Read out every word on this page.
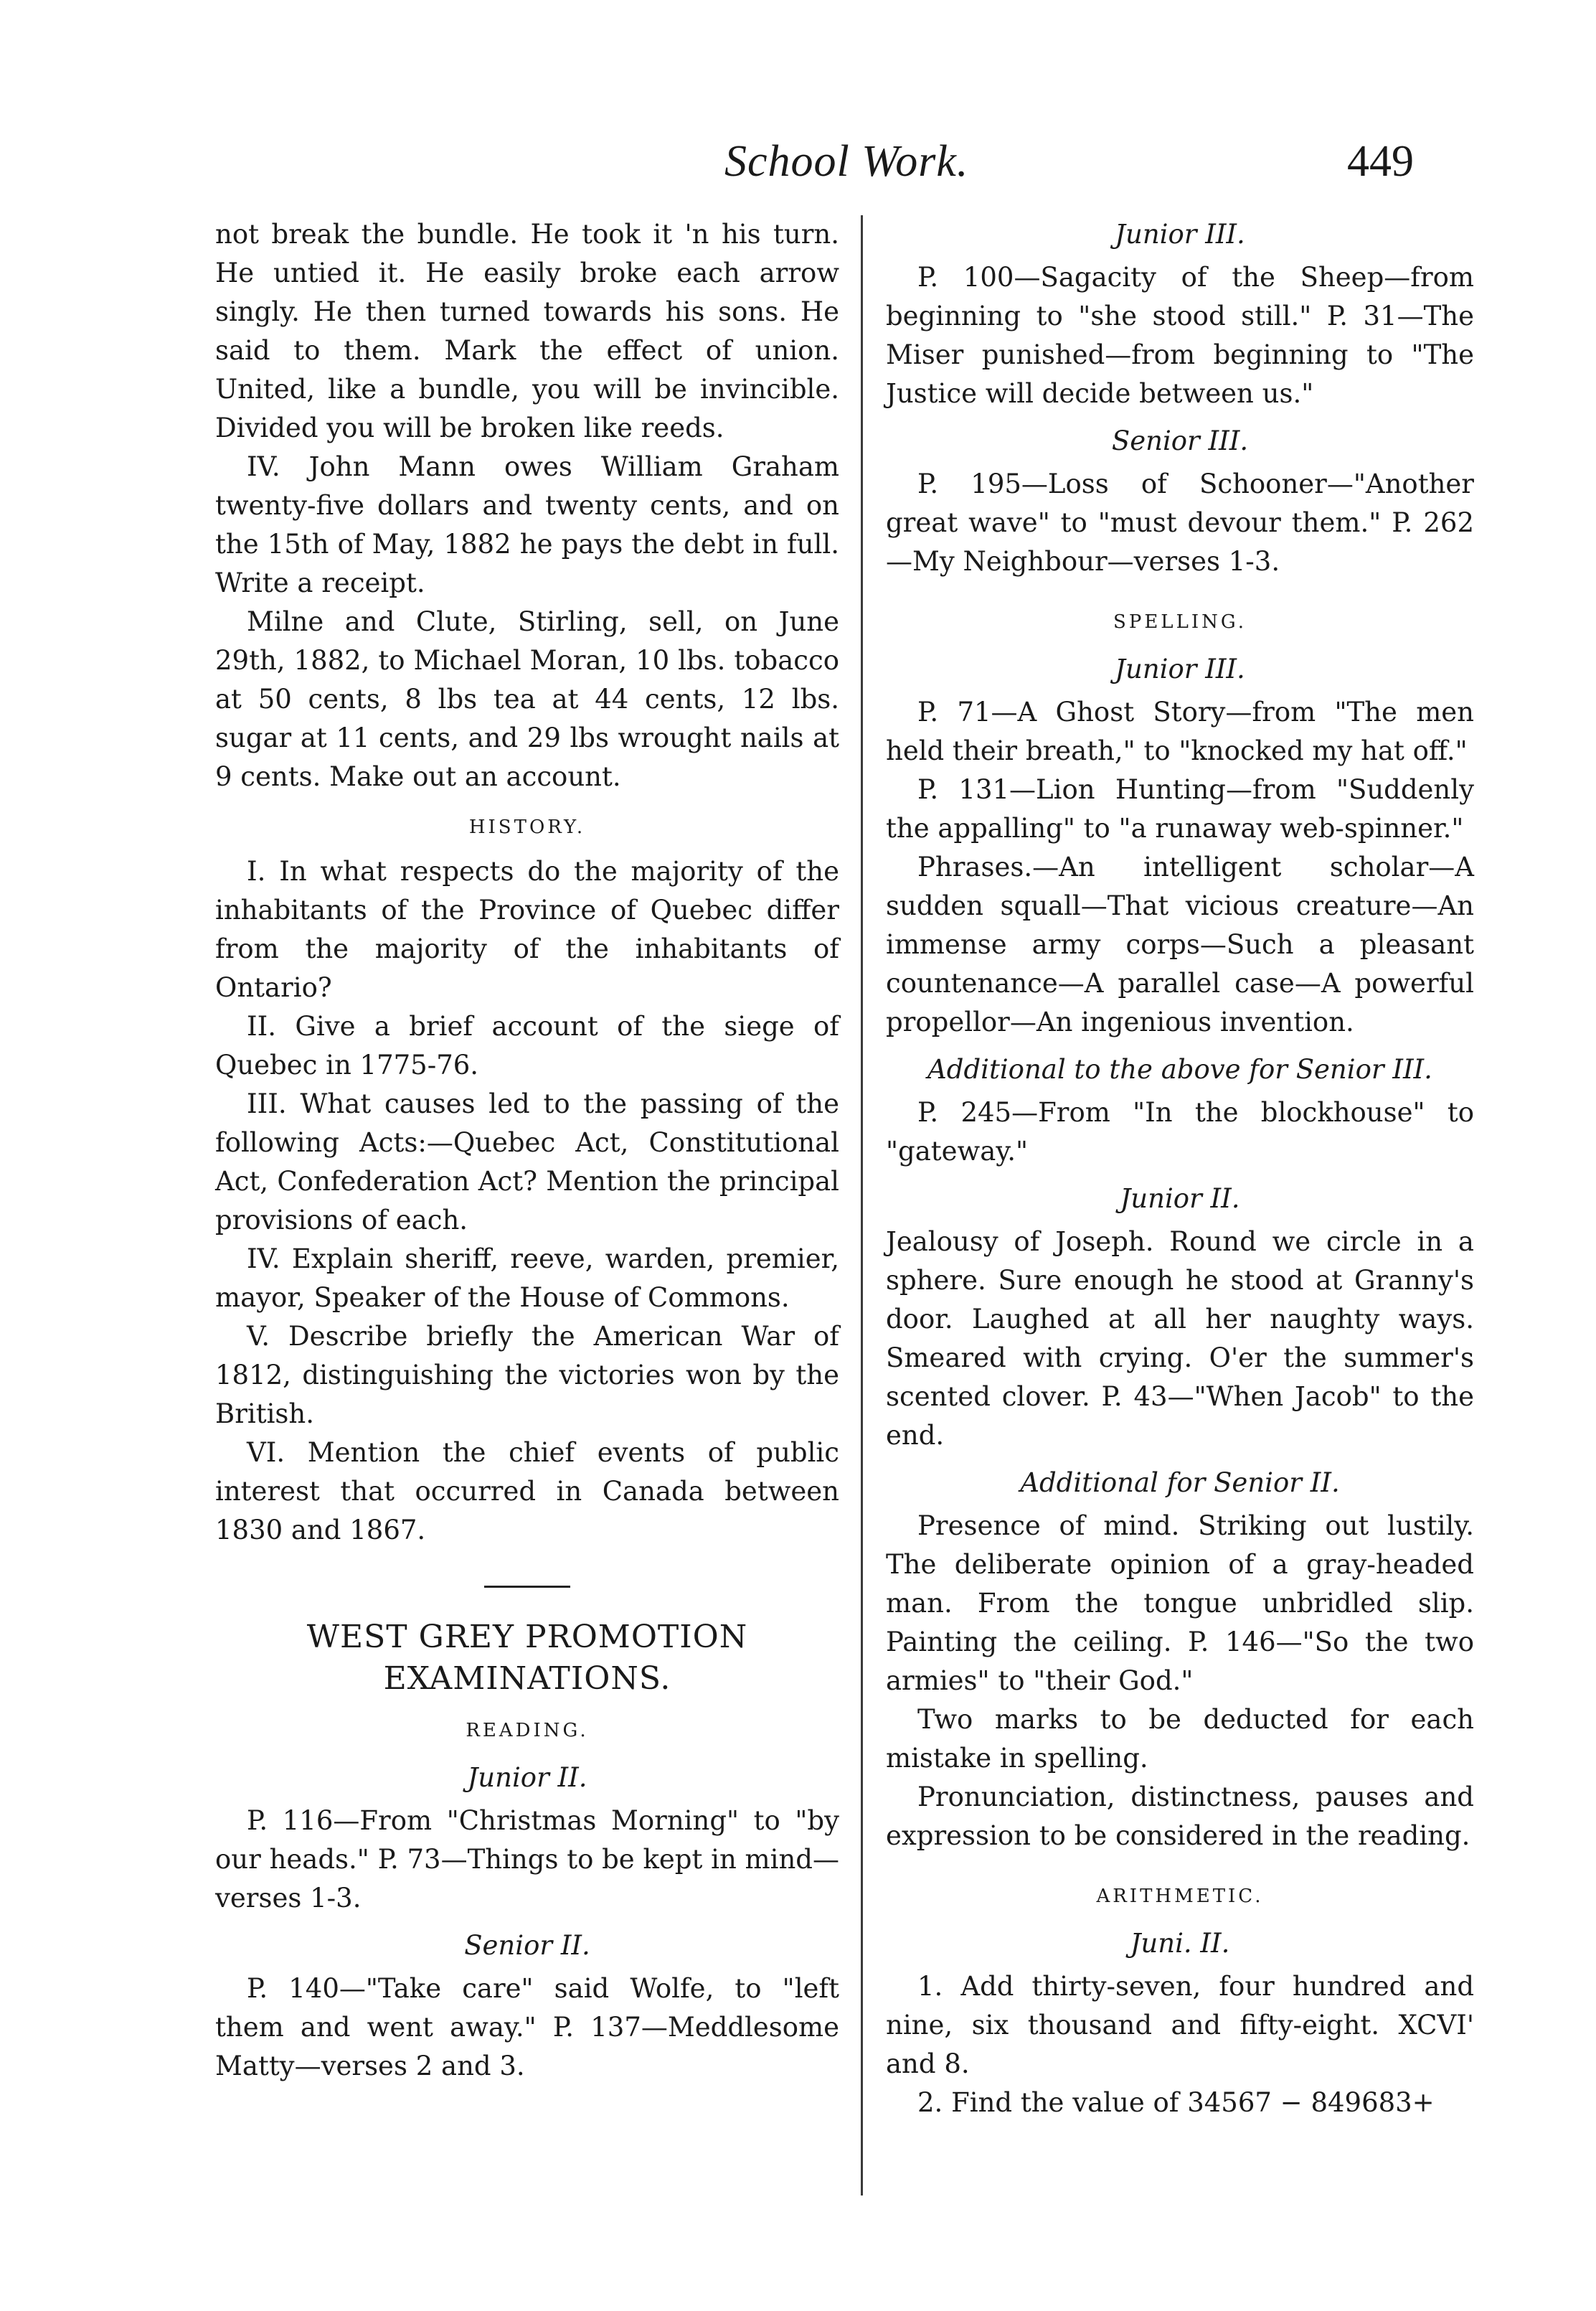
School Work.	449

not break the bundle. He took it 'n his turn. He untied it. He easily broke each arrow singly. He then turned towards his sons. He said to them. Mark the effect of union. United, like a bundle, you will be invincible. Divided you will be broken like reeds.

IV. John Mann owes William Graham twenty-five dollars and twenty cents, and on the 15th of May, 1882 he pays the debt in full. Write a receipt.

Milne and Clute, Stirling, sell, on June 29th, 1882, to Michael Moran, 10 lbs. tobacco at 50 cents, 8 lbs tea at 44 cents, 12 lbs. sugar at 11 cents, and 29 lbs wrought nails at 9 cents. Make out an account.

HISTORY.

I. In what respects do the majority of the inhabitants of the Province of Quebec differ from the majority of the inhabitants of Ontario?

II. Give a brief account of the siege of Quebec in 1775-76.

III. What causes led to the passing of the following Acts:—Quebec Act, Constitutional Act, Confederation Act? Mention the principal provisions of each.

IV. Explain sheriff, reeve, warden, premier, mayor, Speaker of the House of Commons.

V. Describe briefly the American War of 1812, distinguishing the victories won by the British.

VI. Mention the chief events of public interest that occurred in Canada between 1830 and 1867.

WEST GREY PROMOTION EXAMINATIONS.
READING.
Junior II.

P. 116—From "Christmas Morning" to "by our heads." P. 73—Things to be kept in mind—verses 1-3.

Senior II.

P. 140—"Take care" said Wolfe, to "left them and went away." P. 137—Meddlesome Matty—verses 2 and 3.

Junior III.

P. 100—Sagacity of the Sheep—from beginning to "she stood still." P. 31—The Miser punished—from beginning to "The Justice will decide between us."

Senior III.

P. 195—Loss of Schooner—"Another great wave" to "must devour them." P. 262—My Neighbour—verses 1-3.

SPELLING.
Junior III.

P. 71—A Ghost Story—from "The men held their breath," to "knocked my hat off."

P. 131—Lion Hunting—from "Suddenly the appalling" to "a runaway web-spinner."

Phrases.—An intelligent scholar—A sudden squall—That vicious creature—An immense army corps—Such a pleasant countenance—A parallel case—A powerful propellor—An ingenious invention.

Additional to the above for Senior III.

P. 245—From "In the blockhouse" to "gateway."

Junior II.

Jealousy of Joseph. Round we circle in a sphere. Sure enough he stood at Granny's door. Laughed at all her naughty ways. Smeared with crying. O'er the summer's scented clover. P. 43—"When Jacob" to the end.

Additional for Senior II.

Presence of mind. Striking out lustily. The deliberate opinion of a gray-headed man. From the tongue unbridled slip. Painting the ceiling. P. 146—"So the two armies" to "their God."

Two marks to be deducted for each mistake in spelling.

Pronunciation, distinctness, pauses and expression to be considered in the reading.

ARITHMETIC.
Juni. II.

1. Add thirty-seven, four hundred and nine, six thousand and fifty-eight. XCVI' and 8.

2. Find the value of 34567 − 849683+
